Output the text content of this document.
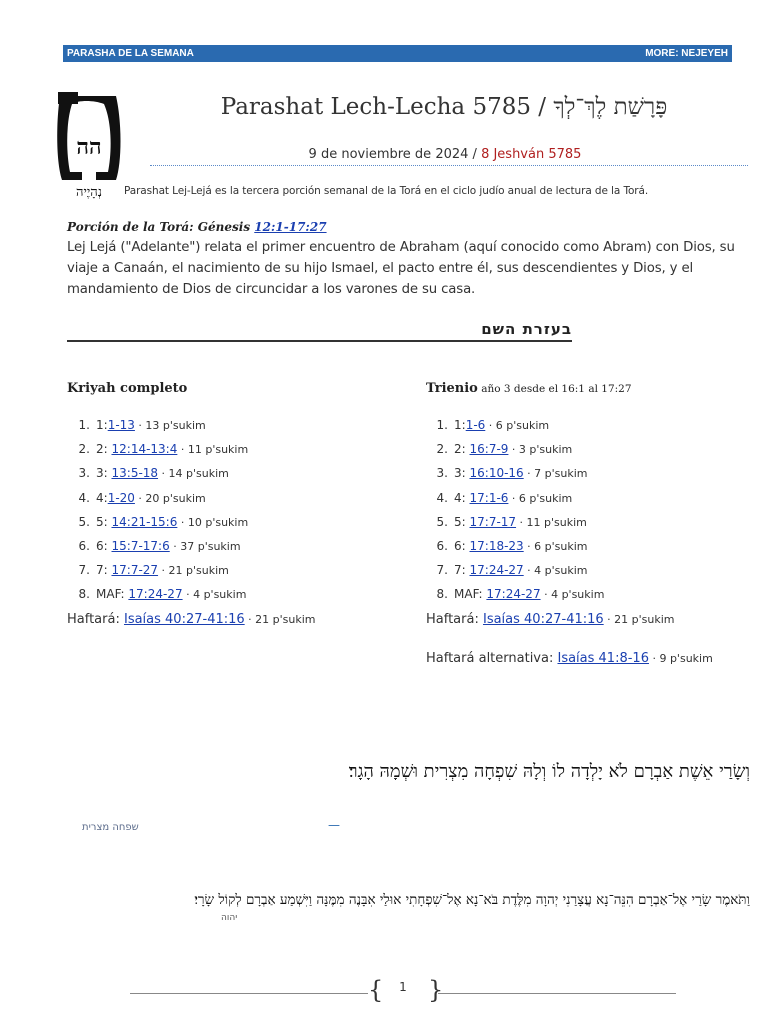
PARASHA DE LA SEMANA	MORE: NEJEYEH
הה
נְהָיֶיה
Parashat Lech-Lecha 5785 / פָּרָשַׁת לֶךְ־לְךָ
9 de noviembre de 2024 / 8 Jeshván 5785
Parashat Lej-Lejá es la tercera porción semanal de la Torá en el ciclo judío anual de lectura de la Torá.
Porción de la Torá: Génesis 12:1-17:27
Lej Lejá ("Adelante") relata el primer encuentro de Abraham (aquí conocido como Abram) con Dios, su viaje a Canaán, el nacimiento de su hijo Ismael, el pacto entre él, sus descendientes y Dios, y el mandamiento de Dios de circuncidar a los varones de su casa.
בעזרת השם
Kriyah completo
1. 1:1-13 · 13 p'sukim
2. 2: 12:14-13:4 · 11 p'sukim
3. 3: 13:5-18 · 14 p'sukim
4. 4:1-20 · 20 p'sukim
5. 5: 14:21-15:6 · 10 p'sukim
6. 6: 15:7-17:6 · 37 p'sukim
7. 7: 17:7-27 · 21 p'sukim
8. MAF: 17:24-27 · 4 p'sukim
Haftará: Isaías 40:27-41:16 · 21 p'sukim
Trienio año 3 desde el 16:1 al 17:27
1. 1:1-6 · 6 p'sukim
2. 2: 16:7-9 · 3 p'sukim
3. 3: 16:10-16 · 7 p'sukim
4. 4: 17:1-6 · 6 p'sukim
5. 5: 17:7-17 · 11 p'sukim
6. 6: 17:18-23 · 6 p'sukim
7. 7: 17:24-27 · 4 p'sukim
8. MAF: 17:24-27 · 4 p'sukim
Haftará: Isaías 40:27-41:16 · 21 p'sukim
Haftará alternativa: Isaías 41:8-16 · 9 p'sukim
וְשָׂרַי אֵשֶׁת אַבְרָם לֹא יָלְדָה לוֹ וְלָהּ שִׁפְחָה מִצְרִית וּשְׁמָהּ הָגָר׃
שפחה מצרית	—
וַתֹּאמֶר שָׂרַי אֶל־אַבְרָם הִנֵּה־נָא עֲצָרַנִי יְהוָה מִלֶּדֶת בֹּא־נָא אֶל־שִׁפְחָתִי אוּלַי אִבָּנֶה מִמֶּנָּה וַיִּשְׁמַע אַבְרָם לְקוֹל שָׂרָי׃
יהוה
{	1 }
